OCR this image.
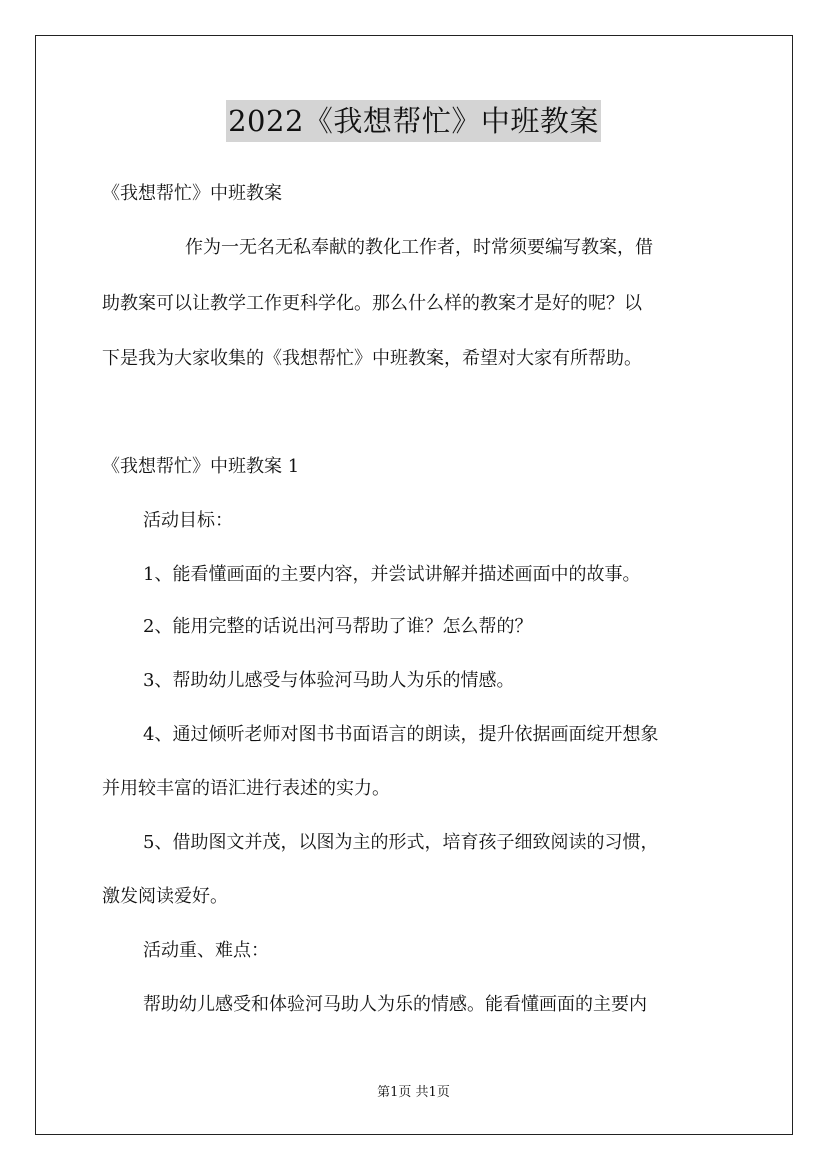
2022《我想帮忙》中班教案
《我想帮忙》中班教案
作为一无名无私奉献的教化工作者，时常须要编写教案，借
助教案可以让教学工作更科学化。那么什么样的教案才是好的呢？以
下是我为大家收集的《我想帮忙》中班教案，希望对大家有所帮助。
《我想帮忙》中班教案 1
活动目标：
1、能看懂画面的主要内容，并尝试讲解并描述画面中的故事。
2、能用完整的话说出河马帮助了谁？怎么帮的？
3、帮助幼儿感受与体验河马助人为乐的情感。
4、通过倾听老师对图书书面语言的朗读，提升依据画面绽开想象
并用较丰富的语汇进行表述的实力。
5、借助图文并茂，以图为主的形式，培育孩子细致阅读的习惯，
激发阅读爱好。
活动重、难点：
帮助幼儿感受和体验河马助人为乐的情感。能看懂画面的主要内
第1页 共1页
